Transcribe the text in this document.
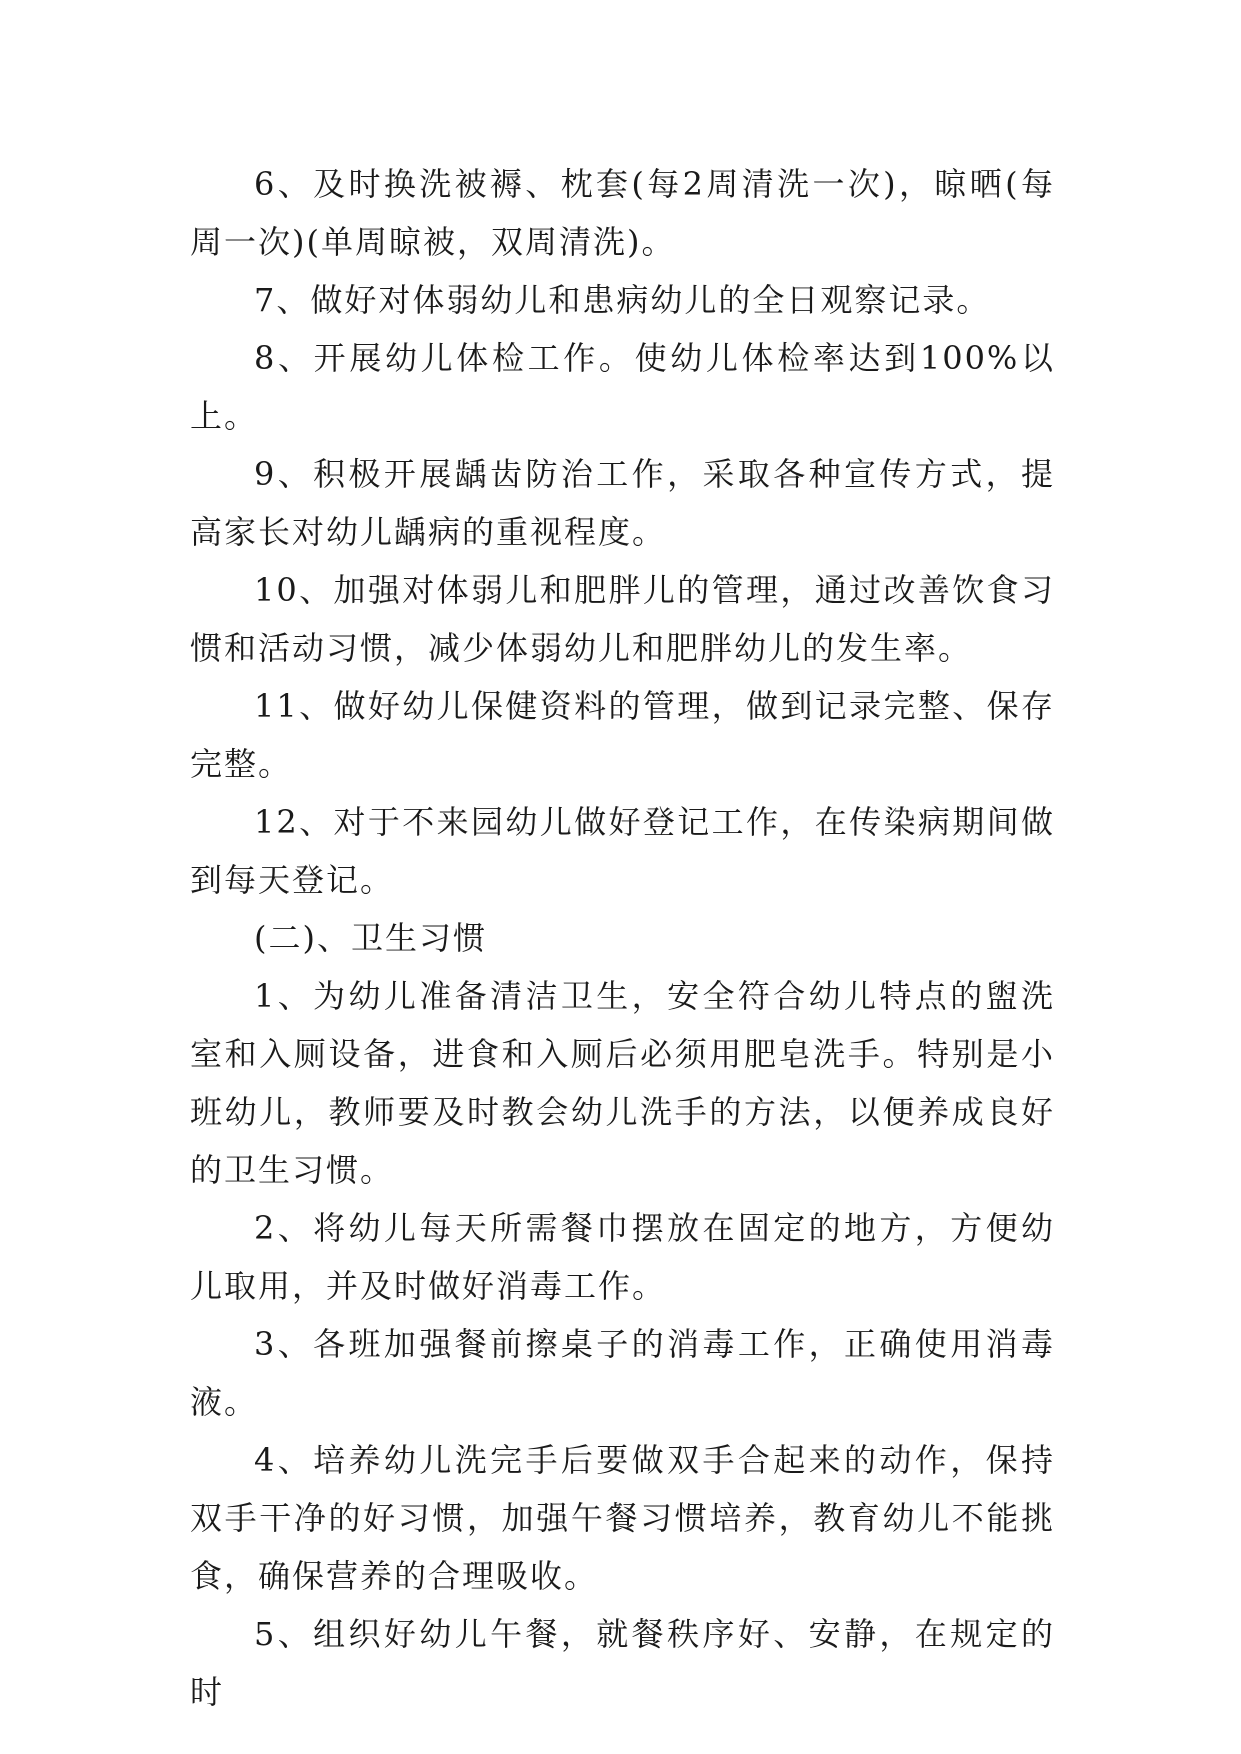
6、及时换洗被褥、枕套(每2周清洗一次)，晾晒(每周一次)(单周晾被，双周清洗)。

7、做好对体弱幼儿和患病幼儿的全日观察记录。

8、开展幼儿体检工作。使幼儿体检率达到100%以上。

9、积极开展龋齿防治工作，采取各种宣传方式，提高家长对幼儿龋病的重视程度。

10、加强对体弱儿和肥胖儿的管理，通过改善饮食习惯和活动习惯，减少体弱幼儿和肥胖幼儿的发生率。

11、做好幼儿保健资料的管理，做到记录完整、保存完整。

12、对于不来园幼儿做好登记工作，在传染病期间做到每天登记。

(二)、卫生习惯

1、为幼儿准备清洁卫生，安全符合幼儿特点的盥洗室和入厕设备，进食和入厕后必须用肥皂洗手。特别是小班幼儿，教师要及时教会幼儿洗手的方法，以便养成良好的卫生习惯。

2、将幼儿每天所需餐巾摆放在固定的地方，方便幼儿取用，并及时做好消毒工作。

3、各班加强餐前擦桌子的消毒工作，正确使用消毒液。

4、培养幼儿洗完手后要做双手合起来的动作，保持双手干净的好习惯，加强午餐习惯培养，教育幼儿不能挑食，确保营养的合理吸收。

5、组织好幼儿午餐，就餐秩序好、安静，在规定的时
